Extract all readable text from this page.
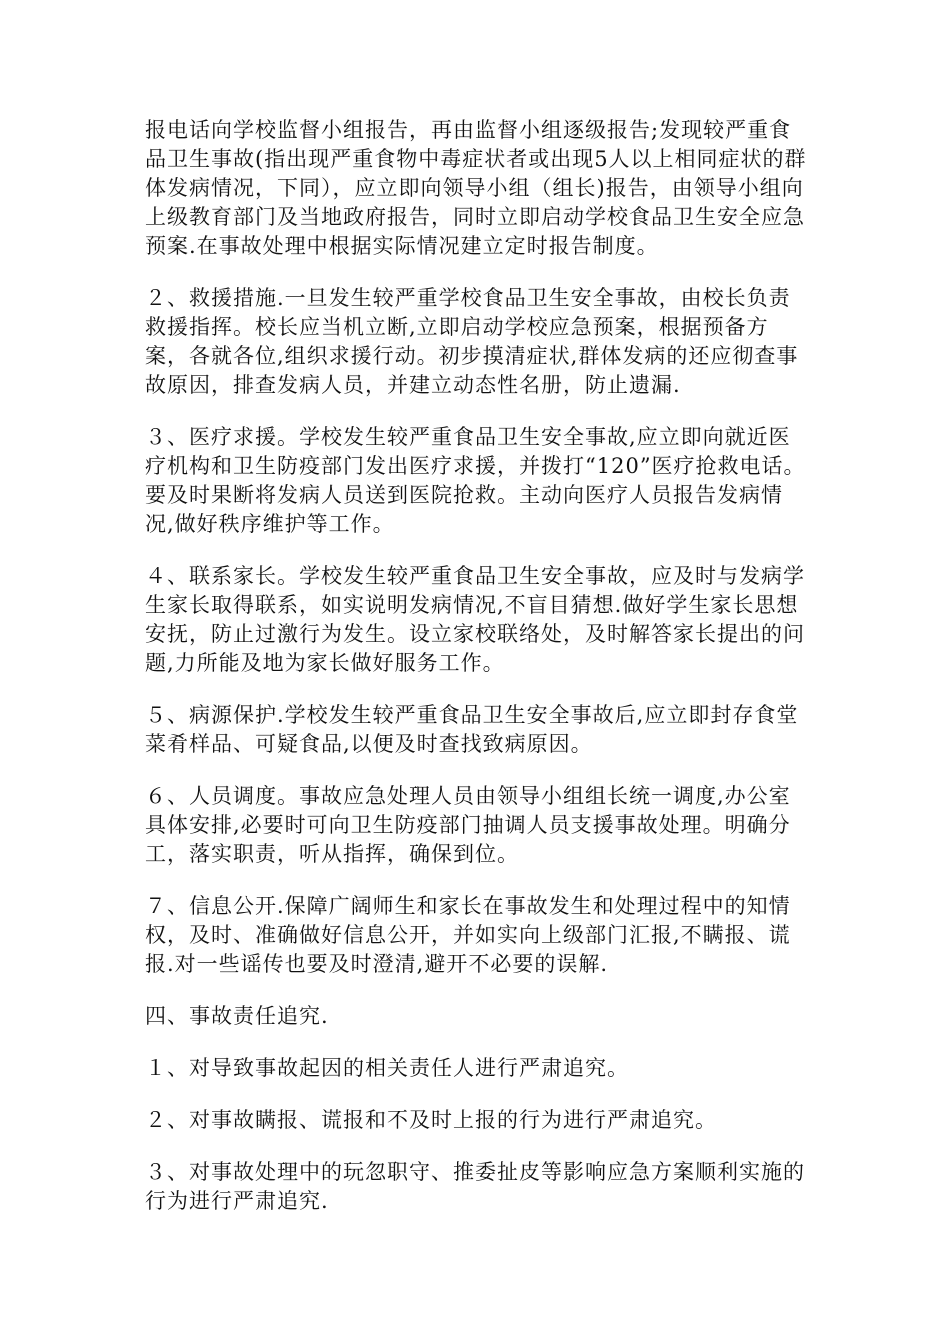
报电话向学校监督小组报告，再由监督小组逐级报告;发现较严重食品卫生事故(指出现严重食物中毒症状者或出现5人以上相同症状的群体发病情况，下同），应立即向领导小组（组长)报告，由领导小组向上级教育部门及当地政府报告，同时立即启动学校食品卫生安全应急预案.在事故处理中根据实际情况建立定时报告制度。

２、救援措施.一旦发生较严重学校食品卫生安全事故，由校长负责救援指挥。校长应当机立断,立即启动学校应急预案，根据预备方案，各就各位,组织求援行动。初步摸清症状,群体发病的还应彻查事故原因，排查发病人员，并建立动态性名册，防止遗漏.

３、医疗求援。学校发生较严重食品卫生安全事故,应立即向就近医疗机构和卫生防疫部门发出医疗求援，并拨打“120”医疗抢救电话。要及时果断将发病人员送到医院抢救。主动向医疗人员报告发病情况,做好秩序维护等工作。

４、联系家长。学校发生较严重食品卫生安全事故，应及时与发病学生家长取得联系，如实说明发病情况,不盲目猜想.做好学生家长思想安抚，防止过激行为发生。设立家校联络处，及时解答家长提出的问题,力所能及地为家长做好服务工作。

５、病源保护.学校发生较严重食品卫生安全事故后,应立即封存食堂菜肴样品、可疑食品,以便及时查找致病原因。

６、人员调度。事故应急处理人员由领导小组组长统一调度,办公室具体安排,必要时可向卫生防疫部门抽调人员支援事故处理。明确分工，落实职责，听从指挥，确保到位。

７、信息公开.保障广阔师生和家长在事故发生和处理过程中的知情权，及时、准确做好信息公开，并如实向上级部门汇报,不瞒报、谎报.对一些谣传也要及时澄清,避开不必要的误解.

四、事故责任追究.

１、对导致事故起因的相关责任人进行严肃追究。

２、对事故瞒报、谎报和不及时上报的行为进行严肃追究。

３、对事故处理中的玩忽职守、推委扯皮等影响应急方案顺利实施的行为进行严肃追究.
